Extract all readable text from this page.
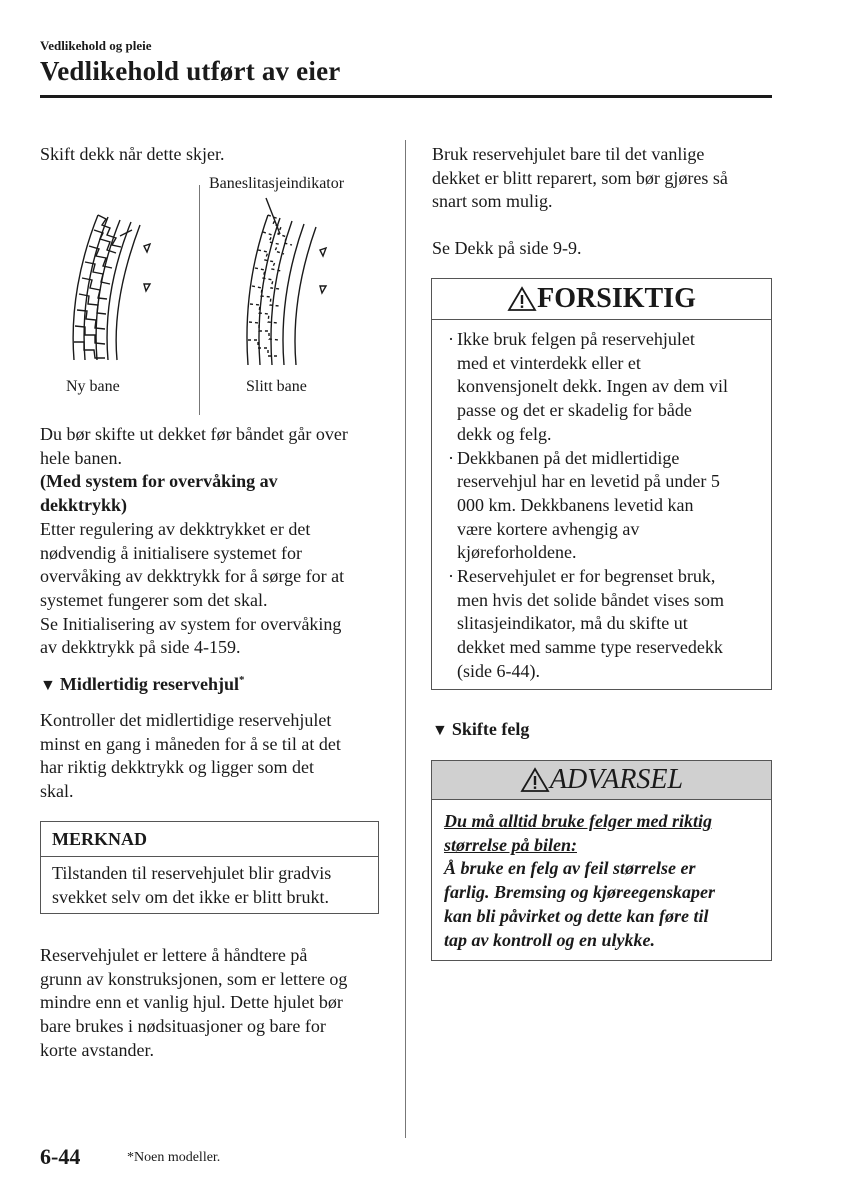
Vedlikehold og pleie
Vedlikehold utført av eier
Skift dekk når dette skjer.
Baneslitasjeindikator
Ny bane	Slitt bane

Du bør skifte ut dekket før båndet går over

hele banen.

(Med system for overvåking av

dekktrykk)

Etter regulering av dekktrykket er det

nødvendig å initialisere systemet for

overvåking av dekktrykk for å sørge for at

systemet fungerer som det skal.

Se Initialisering av system for overvåking

av dekktrykk på side 4-159.

▼ Midlertidig reservehjul*

Kontroller det midlertidige reservehjulet

minst en gang i måneden for å se til at det

har riktig dekktrykk og ligger som det

skal.

MERKNAD
Tilstanden til reservehjulet blir gradvis
svekket selv om det ikke er blitt brukt.

Reservehjulet er lettere å håndtere på

grunn av konstruksjonen, som er lettere og

mindre enn et vanlig hjul. Dette hjulet bør

bare brukes i nødsituasjoner og bare for

korte avstander.

Bruk reservehjulet bare til det vanlige

dekket er blitt reparert, som bør gjøres så

snart som mulig.

Se Dekk på side 9-9.
FORSIKTIG
· Ikke bruk felgen på reservehjulet
med et vinterdekk eller et
konvensjonelt dekk. Ingen av dem vil
passe og det er skadelig for både
dekk og felg.
· Dekkbanen på det midlertidige
reservehjul har en levetid på under 5
000 km. Dekkbanens levetid kan
være kortere avhengig av
kjøreforholdene.
· Reservehjulet er for begrenset bruk,
men hvis det solide båndet vises som
slitasjeindikator, må du skifte ut
dekket med samme type reservedekk
(side 6-44).
▼ Skifte felg
ADVARSEL
Du må alltid bruke felger med riktig
størrelse på bilen:
Å bruke en felg av feil størrelse er
farlig. Bremsing og kjøreegenskaper
kan bli påvirket og dette kan føre til
tap av kontroll og en ulykke.
6-44	*Noen modeller.
